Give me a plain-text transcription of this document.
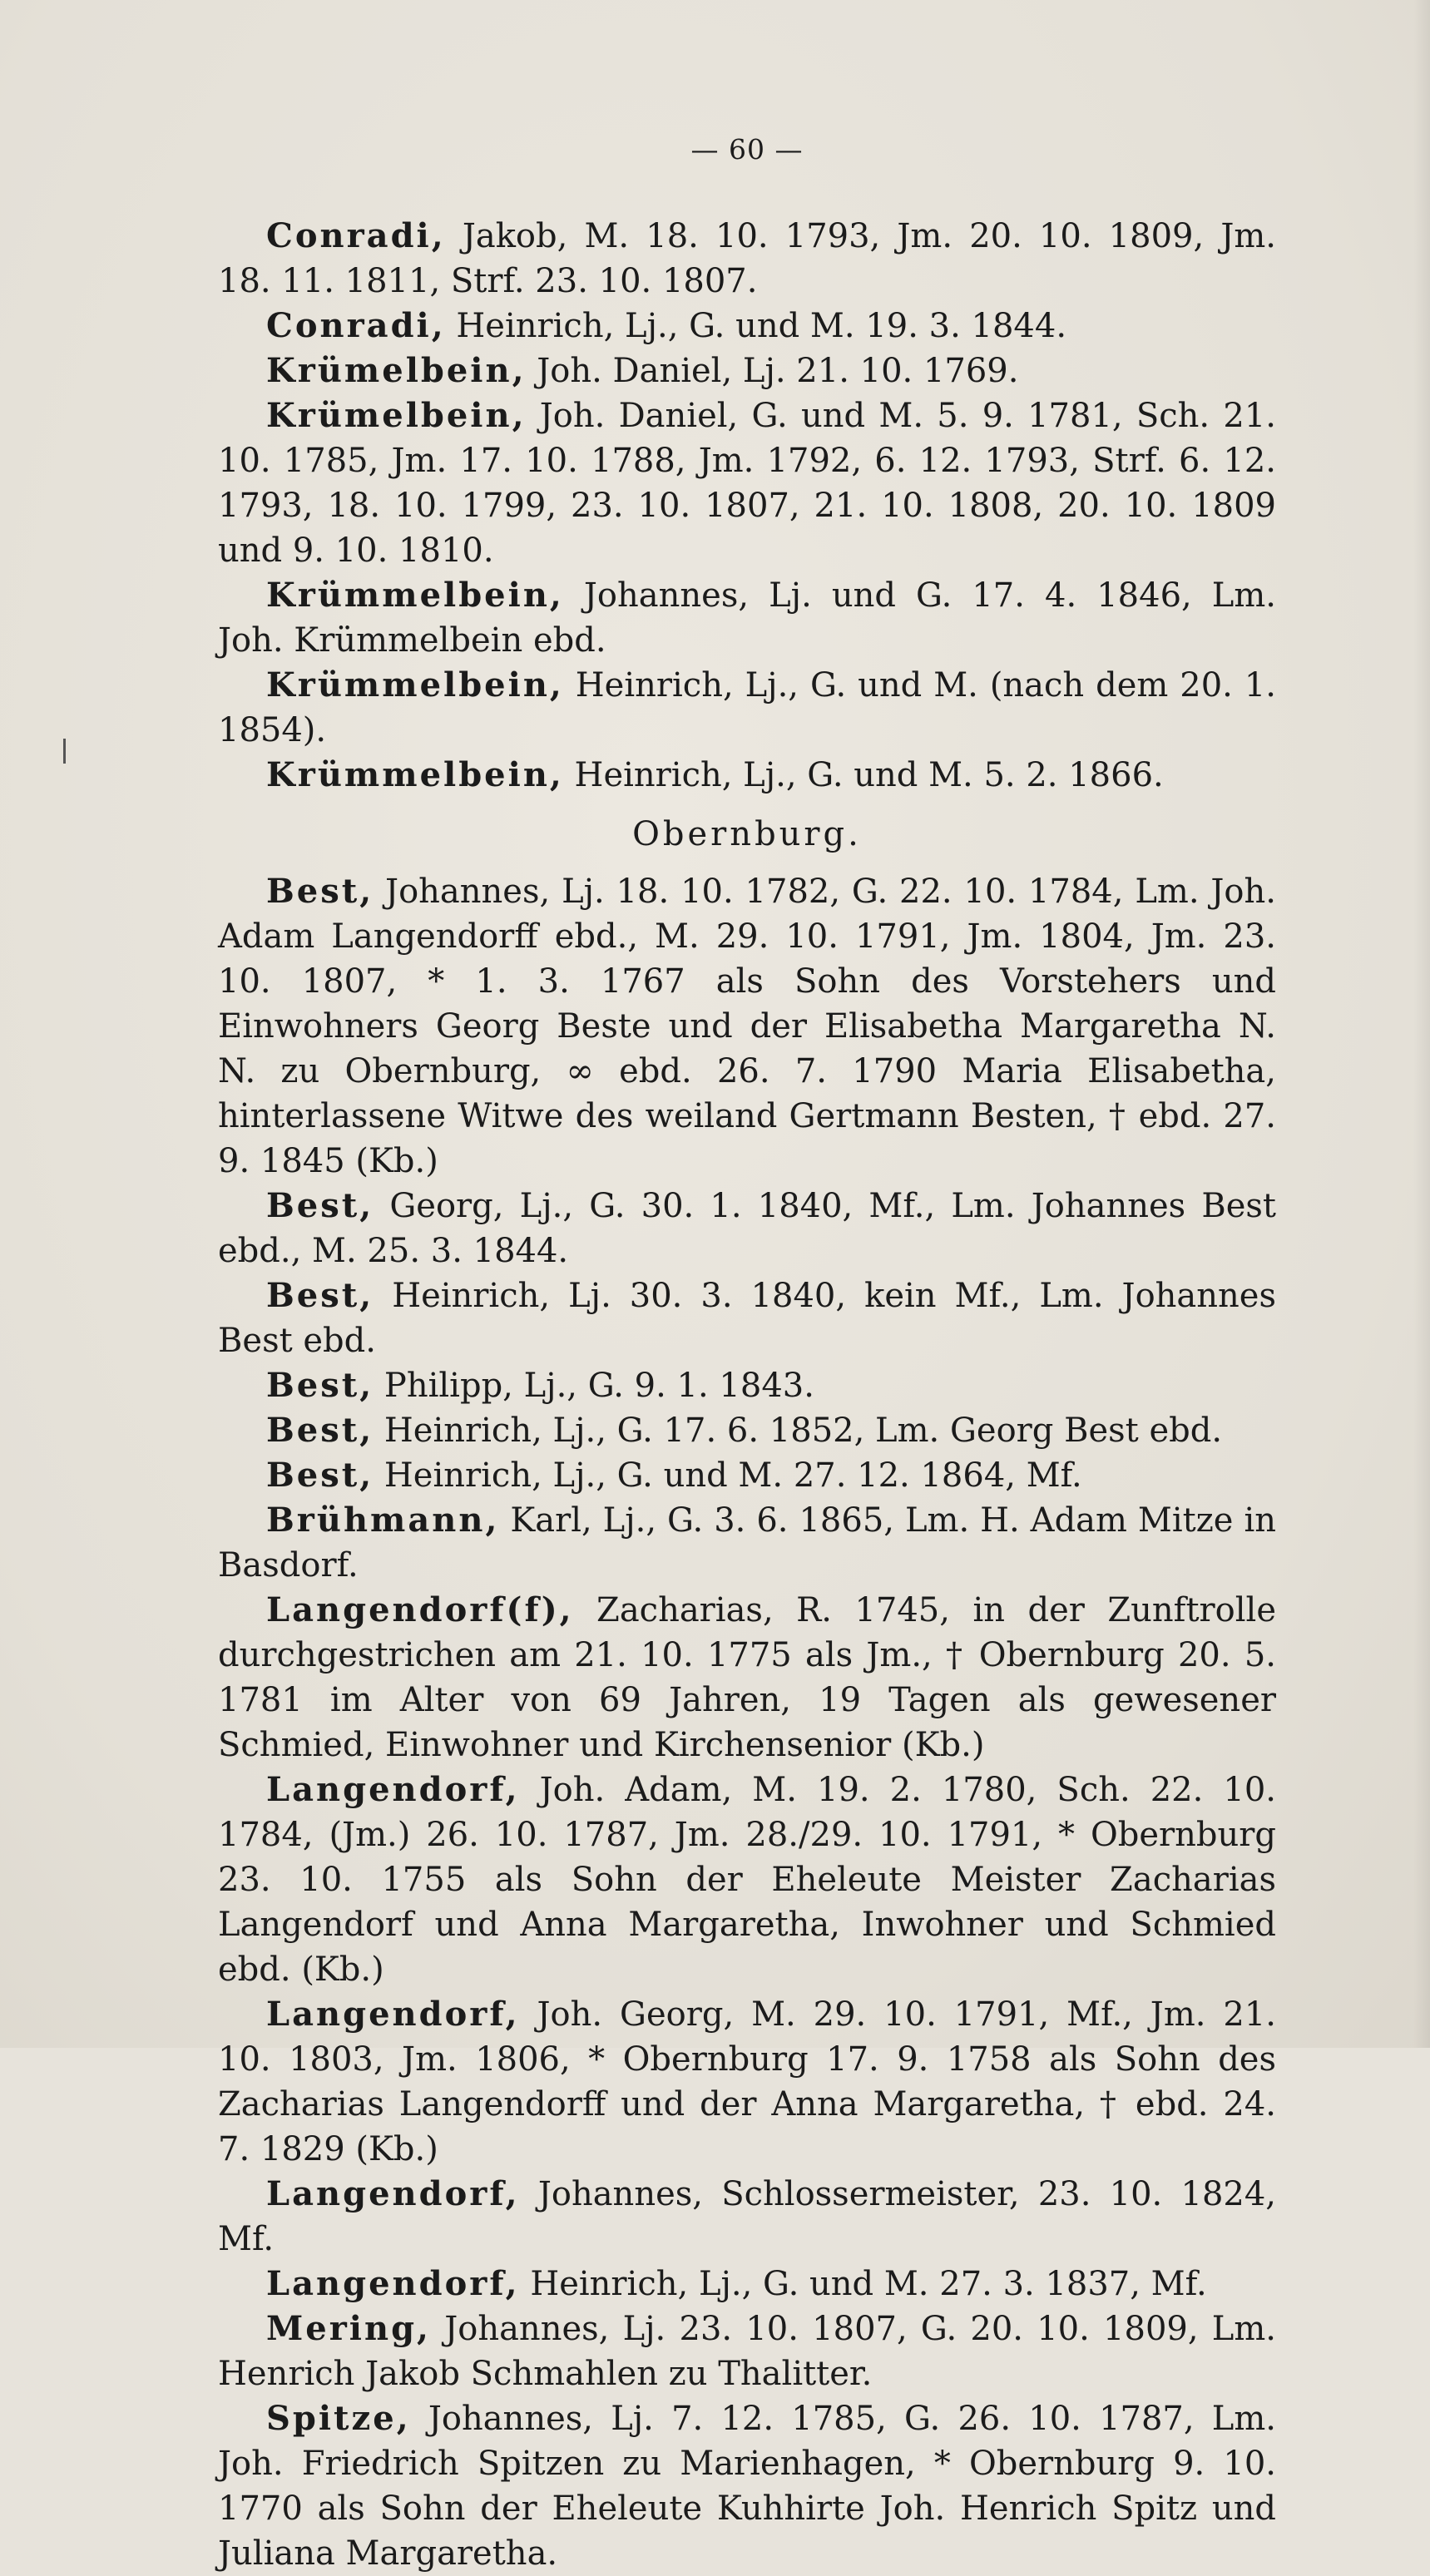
— 60 —

Conradi, Jakob, M. 18. 10. 1793, Jm. 20. 10. 1809, Jm. 18. 11. 1811, Strf. 23. 10. 1807.

Conradi, Heinrich, Lj., G. und M. 19. 3. 1844.

Krümelbein, Joh. Daniel, Lj. 21. 10. 1769.

Krümelbein, Joh. Daniel, G. und M. 5. 9. 1781, Sch. 21. 10. 1785, Jm. 17. 10. 1788, Jm. 1792, 6. 12. 1793, Strf. 6. 12. 1793, 18. 10. 1799, 23. 10. 1807, 21. 10. 1808, 20. 10. 1809 und 9. 10. 1810.

Krümmelbein, Johannes, Lj. und G. 17. 4. 1846, Lm. Joh. Krümmelbein ebd.

Krümmelbein, Heinrich, Lj., G. und M. (nach dem 20. 1. 1854).

Krümmelbein, Heinrich, Lj., G. und M. 5. 2. 1866.

Obernburg.

Best, Johannes, Lj. 18. 10. 1782, G. 22. 10. 1784, Lm. Joh. Adam Langendorff ebd., M. 29. 10. 1791, Jm. 1804, Jm. 23. 10. 1807, * 1. 3. 1767 als Sohn des Vorstehers und Einwohners Georg Beste und der Elisabetha Margaretha N. N. zu Obernburg, ∞ ebd. 26. 7. 1790 Maria Elisabetha, hinterlassene Witwe des weiland Gertmann Besten, † ebd. 27. 9. 1845 (Kb.)

Best, Georg, Lj., G. 30. 1. 1840, Mf., Lm. Johannes Best ebd., M. 25. 3. 1844.

Best, Heinrich, Lj. 30. 3. 1840, kein Mf., Lm. Johannes Best ebd.

Best, Philipp, Lj., G. 9. 1. 1843.

Best, Heinrich, Lj., G. 17. 6. 1852, Lm. Georg Best ebd.

Best, Heinrich, Lj., G. und M. 27. 12. 1864, Mf.

Brühmann, Karl, Lj., G. 3. 6. 1865, Lm. H. Adam Mitze in Basdorf.

Langendorf(f), Zacharias, R. 1745, in der Zunftrolle durchgestrichen am 21. 10. 1775 als Jm., † Obernburg 20. 5. 1781 im Alter von 69 Jahren, 19 Tagen als gewesener Schmied, Einwohner und Kirchensenior (Kb.)

Langendorf, Joh. Adam, M. 19. 2. 1780, Sch. 22. 10. 1784, (Jm.) 26. 10. 1787, Jm. 28./29. 10. 1791, * Obernburg 23. 10. 1755 als Sohn der Eheleute Meister Zacharias Langendorf und Anna Margaretha, Inwohner und Schmied ebd. (Kb.)

Langendorf, Joh. Georg, M. 29. 10. 1791, Mf., Jm. 21. 10. 1803, Jm. 1806, * Obernburg 17. 9. 1758 als Sohn des Zacharias Langendorff und der Anna Margaretha, † ebd. 24. 7. 1829 (Kb.)

Langendorf, Johannes, Schlossermeister, 23. 10. 1824, Mf.

Langendorf, Heinrich, Lj., G. und M. 27. 3. 1837, Mf.

Mering, Johannes, Lj. 23. 10. 1807, G. 20. 10. 1809, Lm. Henrich Jakob Schmahlen zu Thalitter.

Spitze, Johannes, Lj. 7. 12. 1785, G. 26. 10. 1787, Lm. Joh. Friedrich Spitzen zu Marienhagen, * Obernburg 9. 10. 1770 als Sohn der Eheleute Kuhhirte Joh. Henrich Spitz und Juliana Margaretha.
